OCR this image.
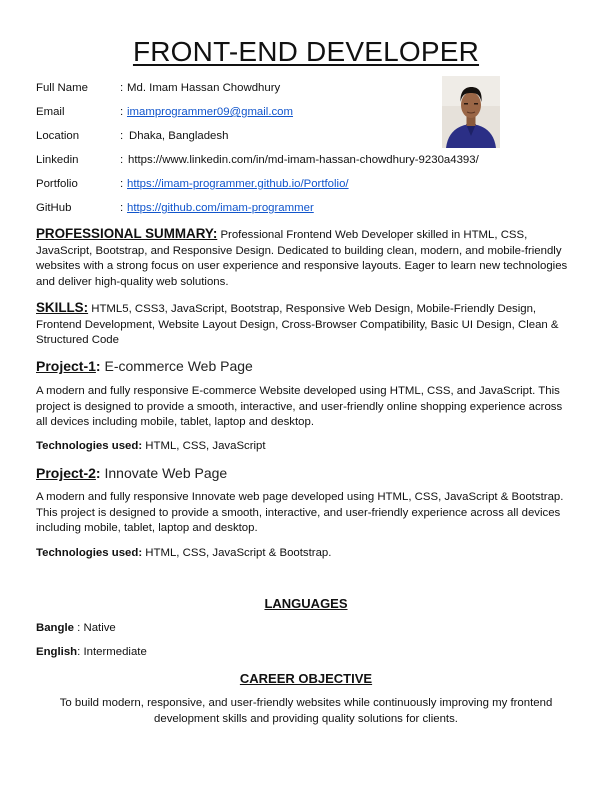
FRONT-END DEVELOPER
Full Name	: Md. Imam Hassan Chowdhury
Email	: imamprogrammer09@gmail.com
Location	: Dhaka, Bangladesh
Linkedin	: https://www.linkedin.com/in/md-imam-hassan-chowdhury-9230a4393/
Portfolio	: https://imam-programmer.github.io/Portfolio/
GitHub	: https://github.com/imam-programmer
PROFESSIONAL SUMMARY: Professional Frontend Web Developer skilled in HTML, CSS, JavaScript, Bootstrap, and Responsive Design. Dedicated to building clean, modern, and mobile-friendly websites with a strong focus on user experience and responsive layouts. Eager to learn new technologies and deliver high-quality web solutions.
SKILLS: HTML5, CSS3, JavaScript, Bootstrap, Responsive Web Design, Mobile-Friendly Design, Frontend Development, Website Layout Design, Cross-Browser Compatibility, Basic UI Design, Clean & Structured Code
Project-1: E-commerce Web Page
A modern and fully responsive E-commerce Website developed using HTML, CSS, and JavaScript. This project is designed to provide a smooth, interactive, and user-friendly online shopping experience across all devices including mobile, tablet, laptop and desktop.
Technologies used: HTML, CSS, JavaScript
Project-2: Innovate Web Page
A modern and fully responsive Innovate web page developed using HTML, CSS, JavaScript & Bootstrap. This project is designed to provide a smooth, interactive, and user-friendly experience across all devices including mobile, tablet, laptop and desktop.
Technologies used: HTML, CSS, JavaScript & Bootstrap.
LANGUAGES
Bangle : Native
English: Intermediate
CAREER OBJECTIVE
To build modern, responsive, and user-friendly websites while continuously improving my frontend development skills and providing quality solutions for clients.
